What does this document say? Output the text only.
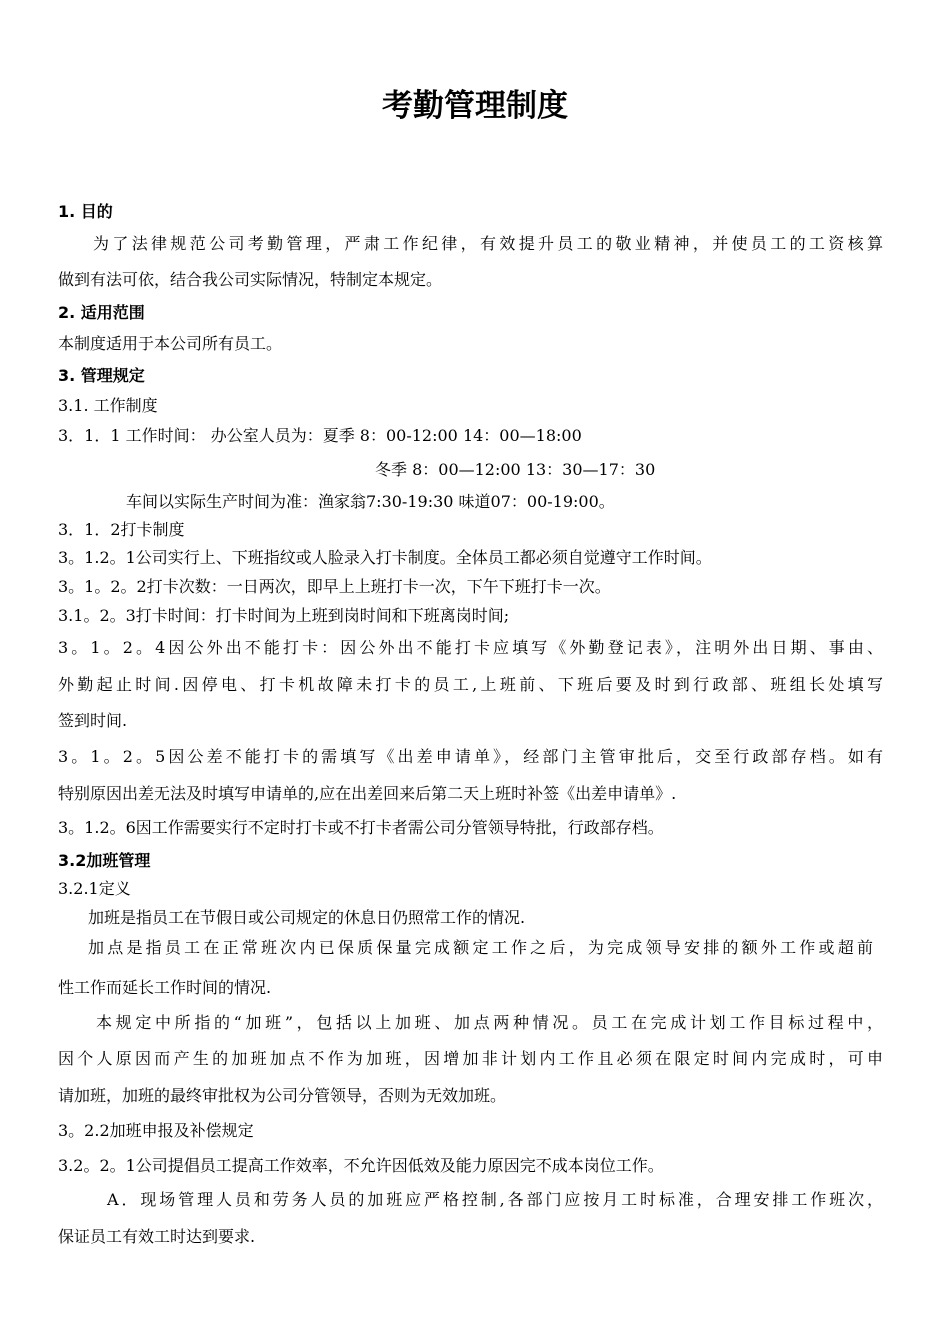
考勤管理制度
1. 目的
为了法律规范公司考勤管理，严肃工作纪律，有效提升员工的敬业精神，并使员工的工资核算
做到有法可依，结合我公司实际情况，特制定本规定。
2. 适用范围
本制度适用于本公司所有员工。
3. 管理规定
3.1. 工作制度
3．1．1 工作时间： 办公室人员为：夏季 8：00-12:00 14：00—18:00
冬季 8：00—12:00 13：30—17：30
车间以实际生产时间为准：渔家翁7:30-19:30 味道07：00-19:00。
3．1．2打卡制度
3。1.2。1公司实行上、下班指纹或人脸录入打卡制度。全体员工都必须自觉遵守工作时间。
3。1。2。2打卡次数：一日两次，即早上上班打卡一次，下午下班打卡一次。
3.1。2。3打卡时间：打卡时间为上班到岗时间和下班离岗时间;
3。1。2。4因公外出不能打卡：因公外出不能打卡应填写《外勤登记表》，注明外出日期、事由、
外勤起止时间.因停电、打卡机故障未打卡的员工,上班前、下班后要及时到行政部、班组长处填写
签到时间.
3。1。2。5因公差不能打卡的需填写《出差申请单》，经部门主管审批后，交至行政部存档。如有
特别原因出差无法及时填写申请单的,应在出差回来后第二天上班时补签《出差申请单》.
3。1.2。6因工作需要实行不定时打卡或不打卡者需公司分管领导特批，行政部存档。
3.2加班管理
3.2.1定义
加班是指员工在节假日或公司规定的休息日仍照常工作的情况.
加点是指员工在正常班次内已保质保量完成额定工作之后，为完成领导安排的额外工作或超前
性工作而延长工作时间的情况.
本规定中所指的“加班”，包括以上加班、加点两种情况。员工在完成计划工作目标过程中，
因个人原因而产生的加班加点不作为加班，因增加非计划内工作且必须在限定时间内完成时，可申
请加班，加班的最终审批权为公司分管领导，否则为无效加班。
3。2.2加班申报及补偿规定
3.2。2。1公司提倡员工提高工作效率，不允许因低效及能力原因完不成本岗位工作。
A．现场管理人员和劳务人员的加班应严格控制,各部门应按月工时标准，合理安排工作班次，
保证员工有效工时达到要求.
